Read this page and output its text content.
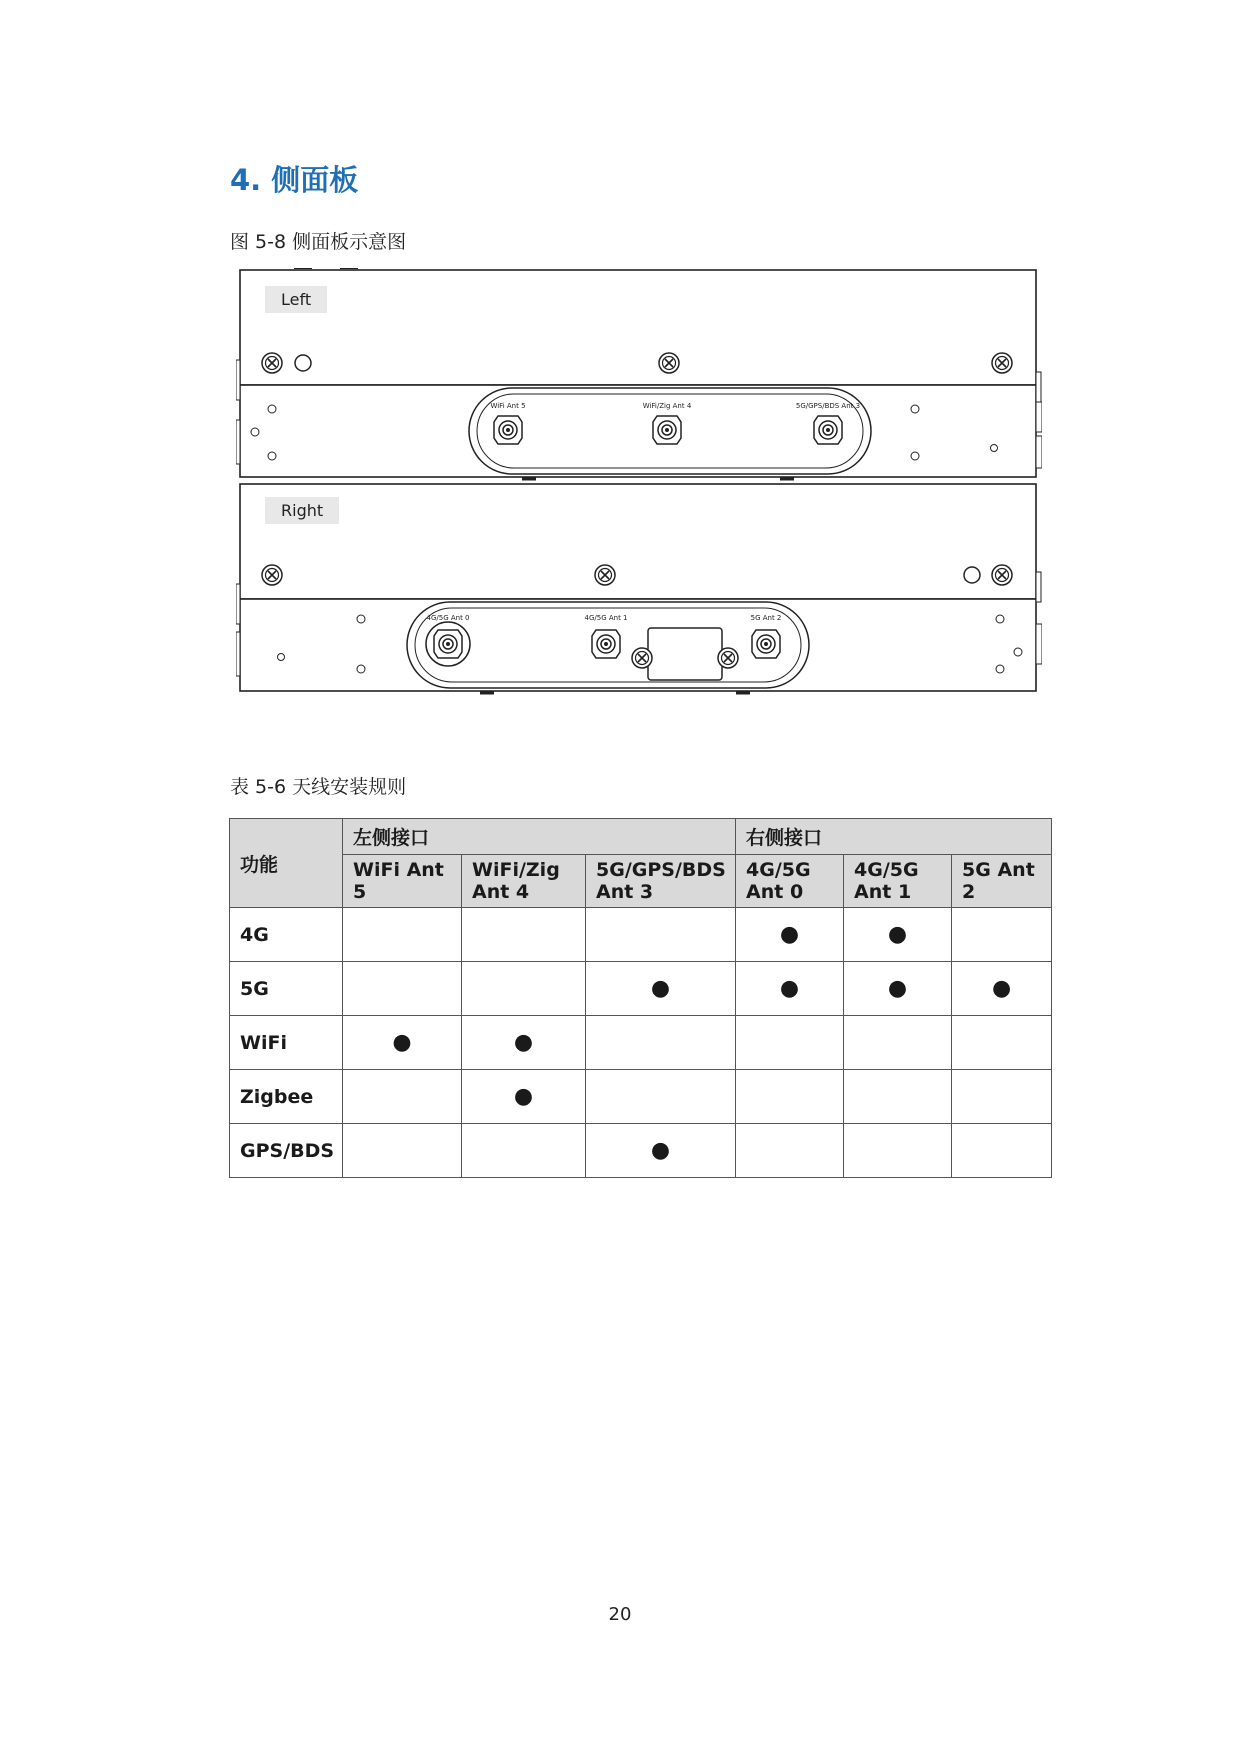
4. 侧面板
图 5-8 侧面板示意图
WiFi Ant 5	WiFi/Zig Ant 4	5G/GPS/BDS Ant 3
4G/5G Ant 0	4G/5G Ant 1	5G Ant 2
Left
Right
表 5-6 天线安装规则
功能	左侧接口			右侧接口		
	WiFi Ant 5	WiFi/Zig Ant 4	5G/GPS/BDS Ant 3	4G/5G Ant 0	4G/5G Ant 1	5G Ant 2
4G				●	●	
5G			●	●	●	●
WiFi	●	●				
Zigbee		●				
GPS/BDS			●			
20
